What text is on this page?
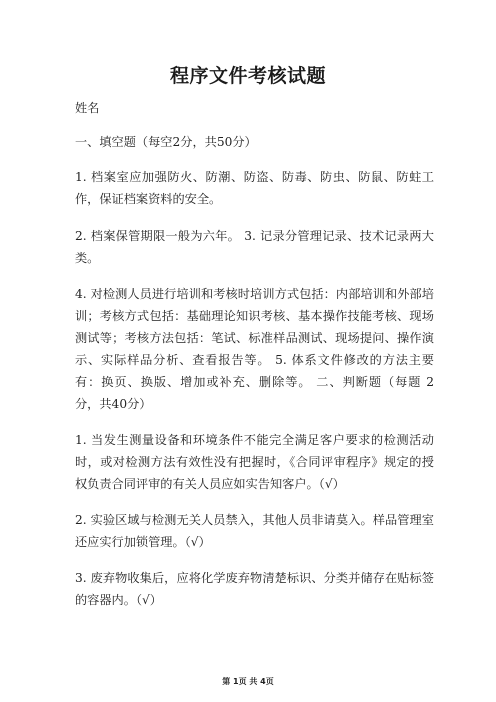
程序文件考核试题

姓名

一、填空题（每空2分，共50分）

1. 档案室应加强防火、防潮、防盗、防毒、防虫、防鼠、防蛀工作，保证档案资料的安全。

2. 档案保管期限一般为六年。 3. 记录分管理记录、技术记录两大类。

4. 对检测人员进行培训和考核时培训方式包括：内部培训和外部培训；考核方式包括：基础理论知识考核、基本操作技能考核、现场测试等；考核方法包括：笔试、标准样品测试、现场提问、操作演示、实际样品分析、查看报告等。 5. 体系文件修改的方法主要有：换页、换版、增加或补充、删除等。 二、判断题（每题 2 分，共40分）

1. 当发生测量设备和环境条件不能完全满足客户要求的检测活动时，或对检测方法有效性没有把握时，《合同评审程序》规定的授权负责合同评审的有关人员应如实告知客户。（√）

2. 实验区域与检测无关人员禁入，其他人员非请莫入。样品管理室还应实行加锁管理。（√）

3. 废弃物收集后，应将化学废弃物清楚标识、分类并储存在贴标签的容器内。（√）

第 1页 共 4页
